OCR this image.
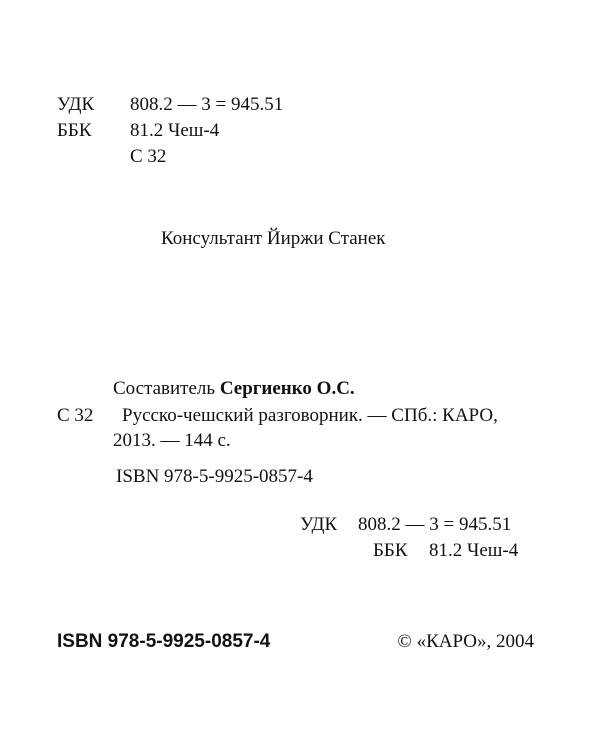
УДК 808.2 — 3 = 945.51
ББК 81.2 Чеш-4
С 32
Консультант Йиржи Станек
Составитель Сергиенко О.С.
С 32 Русско-чешский разговорник. — СПб.: КАРО,
2013. — 144 с.
ISBN 978-5-9925-0857-4
УДК 808.2 — 3 = 945.51
ББК 81.2 Чеш-4
ISBN 978-5-9925-0857-4	© «КАРО», 2004
